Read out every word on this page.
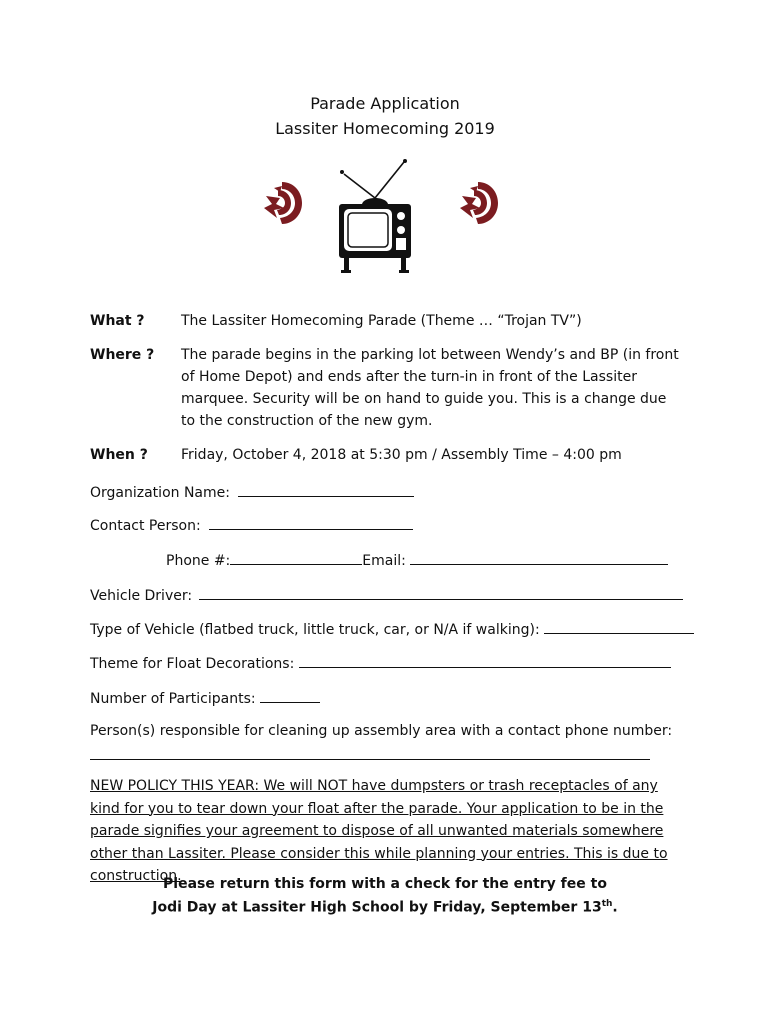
Parade Application
Lassiter Homecoming 2019
What ?	The Lassiter Homecoming Parade (Theme … “Trojan TV”)
Where ? The parade begins in the parking lot between Wendy’s and BP (in front of Home Depot) and ends after the turn-in in front of the Lassiter marquee. Security will be on hand to guide you. This is a change due to the construction of the new gym.
When ? Friday, October 4, 2018 at 5:30 pm / Assembly Time – 4:00 pm
Organization Name:
Contact Person:
Phone #:	Email:
Vehicle Driver:
Type of Vehicle (flatbed truck, little truck, car, or N/A if walking):
Theme for Float Decorations:
Number of Participants:
Person(s) responsible for cleaning up assembly area with a contact phone number:
NEW POLICY THIS YEAR: We will NOT have dumpsters or trash receptacles of any kind for you to tear down your float after the parade. Your application to be in the parade signifies your agreement to dispose of all unwanted materials somewhere other than Lassiter. Please consider this while planning your entries. This is due to construction.
Please return this form with a check for the entry fee to
Jodi Day at Lassiter High School by Friday, September 13th.
